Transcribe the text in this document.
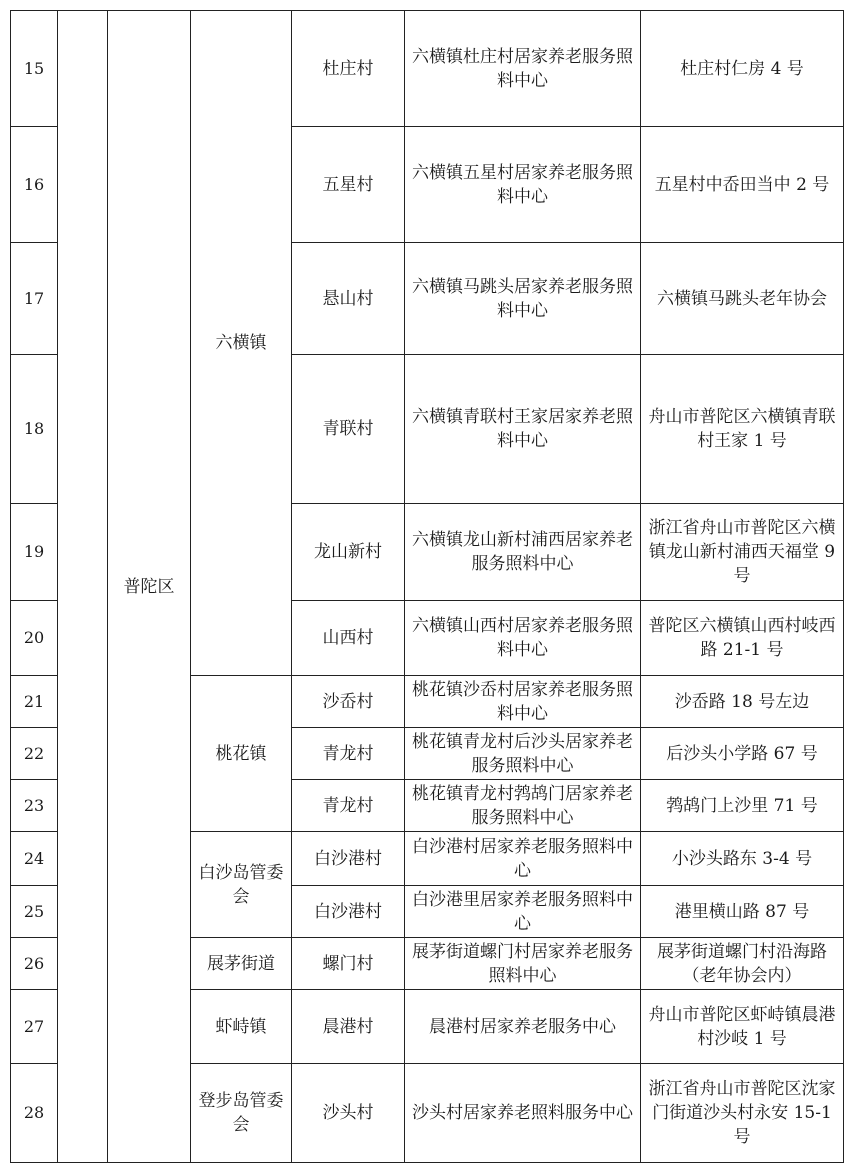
15		普陀区	六横镇	杜庄村	六横镇杜庄村居家养老服务照料中心	杜庄村仁房 4 号
16				五星村	六横镇五星村居家养老服务照料中心	五星村中岙田当中 2 号
17				悬山村	六横镇马跳头居家养老服务照料中心	六横镇马跳头老年协会
18				青联村	六横镇青联村王家居家养老照料中心	舟山市普陀区六横镇青联村王家 1 号
19				龙山新村	六横镇龙山新村浦西居家养老服务照料中心	浙江省舟山市普陀区六横镇龙山新村浦西天福堂 9 号
20				山西村	六横镇山西村居家养老服务照料中心	普陀区六横镇山西村岐西路 21-1 号
21			桃花镇	沙岙村	桃花镇沙岙村居家养老服务照料中心	沙岙路 18 号左边
22				青龙村	桃花镇青龙村后沙头居家养老服务照料中心	后沙头小学路 67 号
23				青龙村	桃花镇青龙村鹁鸪门居家养老服务照料中心	鹁鸪门上沙里 71 号
24			白沙岛管委会	白沙港村	白沙港村居家养老服务照料中心	小沙头路东 3-4 号
25				白沙港村	白沙港里居家养老服务照料中心	港里横山路 87 号
26			展茅街道	螺门村	展茅街道螺门村居家养老服务照料中心	展茅街道螺门村沿海路（老年协会内）
27			虾峙镇	晨港村	晨港村居家养老服务中心	舟山市普陀区虾峙镇晨港村沙岐 1 号
28			登步岛管委会	沙头村	沙头村居家养老照料服务中心	浙江省舟山市普陀区沈家门街道沙头村永安 15-1 号
